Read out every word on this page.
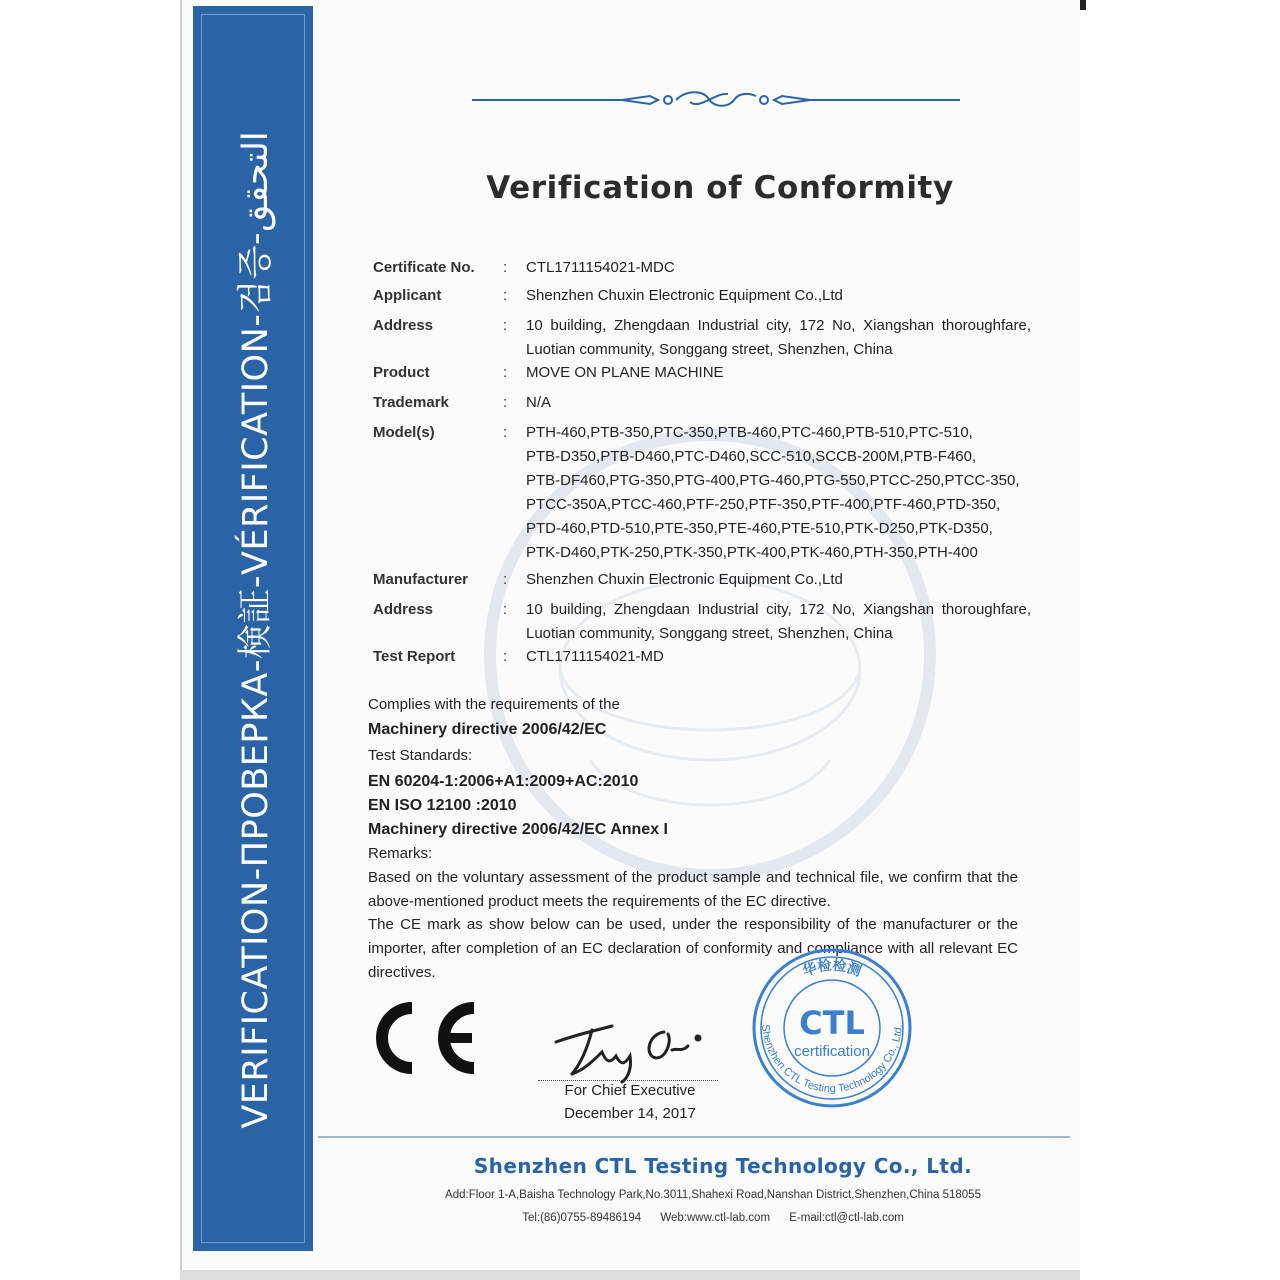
VERIFICATION-ПРОВЕРКА-検証-VÉRIFICATION-검증-التحقق	Verification of Conformity
Certificate No. : CTL1711154021-MDC
Applicant	: Shenzhen Chuxin Electronic Equipment Co.,Ltd
Address	: 10 building, Zhengdaan Industrial city, 172 No, Xiangshan thoroughfare,
Luotian community, Songgang street, Shenzhen, China
Product	: MOVE ON PLANE MACHINE
Trademark	: N/A
Model(s)	: PTH-460,PTB-350,PTC-350,PTB-460,PTC-460,PTB-510,PTC-510,
PTB-D350,PTB-D460,PTC-D460,SCC-510,SCCB-200M,PTB-F460,
PTB-DF460,PTG-350,PTG-400,PTG-460,PTG-550,PTCC-250,PTCC-350,
PTCC-350A,PTCC-460,PTF-250,PTF-350,PTF-400,PTF-460,PTD-350,
PTD-460,PTD-510,PTE-350,PTE-460,PTE-510,PTK-D250,PTK-D350,
PTK-D460,PTK-250,PTK-350,PTK-400,PTK-460,PTH-350,PTH-400
Manufacturer : Shenzhen Chuxin Electronic Equipment Co.,Ltd
Address	: 10 building, Zhengdaan Industrial city, 172 No, Xiangshan thoroughfare,
Luotian community, Songgang street, Shenzhen, China
Test Report	: CTL1711154021-MD
Complies with the requirements of the
Machinery directive 2006/42/EC
Test Standards:
EN 60204-1:2006+A1:2009+AC:2010
EN ISO 12100 :2010
Machinery directive 2006/42/EC Annex I
Remarks:
Based on the voluntary assessment of the product sample and technical file, we confirm that the
above-mentioned product meets the requirements of the EC directive.
The CE mark as show below can be used, under the responsibility of the manufacturer or the
importer, after completion of an EC declaration of conformity and compliance with all relevant EC
directives.
For Chief Executive
December 14, 2017
华检检测
CTL
certification
Shenzhen CTL Testing Technology Co., Ltd.
Shenzhen CTL Testing Technology Co., Ltd.
Add:Floor 1-A,Baisha Technology Park,No.3011,Shahexi Road,Nanshan District,Shenzhen,China 518055
Tel:(86)0755-89486194 Web:www.ctl-lab.com E-mail:ctl@ctl-lab.com
